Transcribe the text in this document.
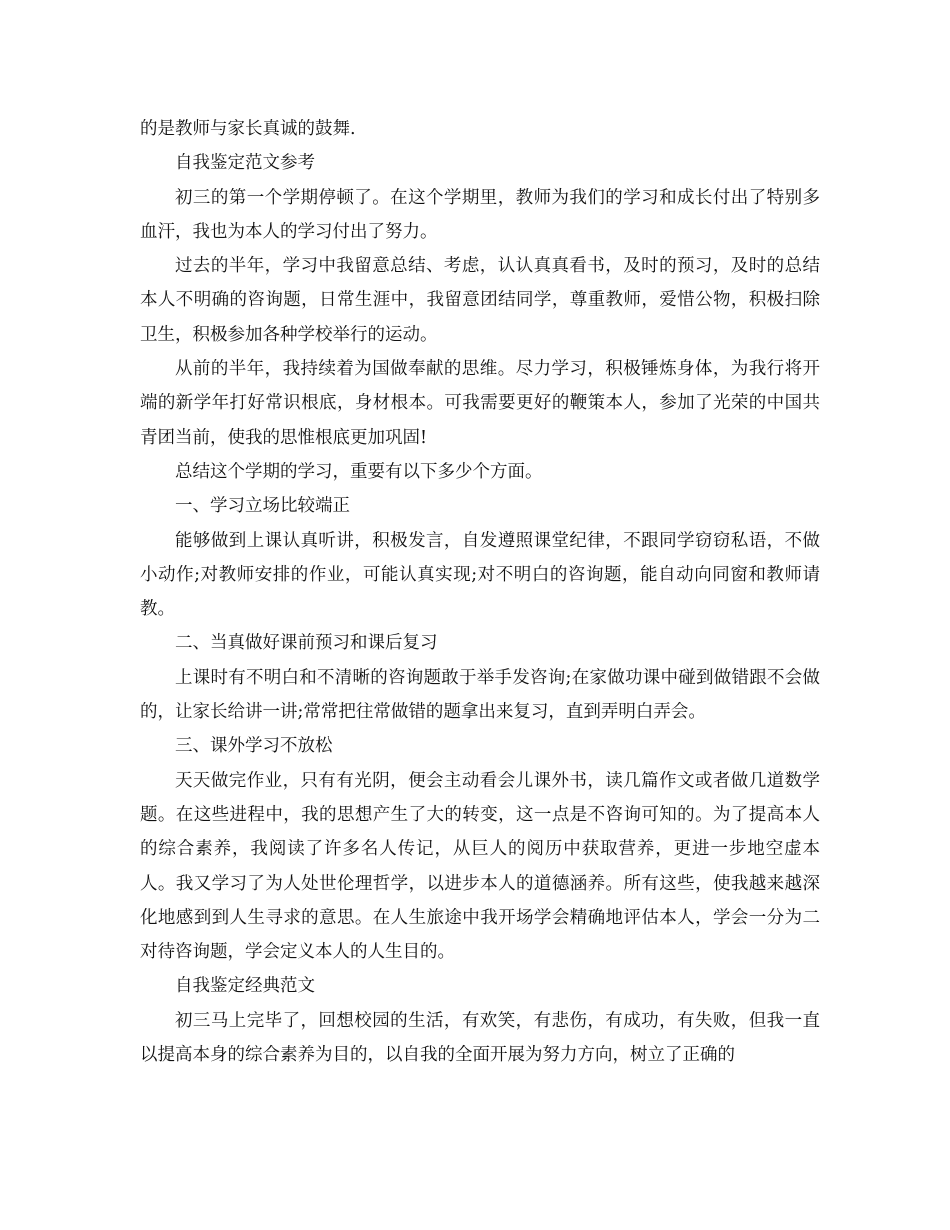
的是教师与家长真诚的鼓舞.

自我鉴定范文参考

初三的第一个学期停顿了。在这个学期里，教师为我们的学习和成长付出了特别多血汗，我也为本人的学习付出了努力。

过去的半年，学习中我留意总结、考虑，认认真真看书，及时的预习，及时的总结本人不明确的咨询题，日常生涯中，我留意团结同学，尊重教师，爱惜公物，积极扫除卫生，积极参加各种学校举行的运动。

从前的半年，我持续着为国做奉献的思维。尽力学习，积极锤炼身体，为我行将开端的新学年打好常识根底，身材根本。可我需要更好的鞭策本人，参加了光荣的中国共青团当前，使我的思惟根底更加巩固!

总结这个学期的学习，重要有以下多少个方面。

一、学习立场比较端正

能够做到上课认真听讲，积极发言，自发遵照课堂纪律，不跟同学窃窃私语，不做小动作;对教师安排的作业，可能认真实现;对不明白的咨询题，能自动向同窗和教师请教。

二、当真做好课前预习和课后复习

上课时有不明白和不清晰的咨询题敢于举手发咨询;在家做功课中碰到做错跟不会做的，让家长给讲一讲;常常把往常做错的题拿出来复习，直到弄明白弄会。

三、课外学习不放松

天天做完作业，只有有光阴，便会主动看会儿课外书，读几篇作文或者做几道数学题。在这些进程中，我的思想产生了大的转变，这一点是不咨询可知的。为了提高本人的综合素养，我阅读了许多名人传记，从巨人的阅历中获取营养，更进一步地空虚本人。我又学习了为人处世伦理哲学，以进步本人的道德涵养。所有这些，使我越来越深化地感到到人生寻求的意思。在人生旅途中我开场学会精确地评估本人，学会一分为二对待咨询题，学会定义本人的人生目的。

自我鉴定经典范文

初三马上完毕了，回想校园的生活，有欢笑，有悲伤，有成功，有失败，但我一直以提高本身的综合素养为目的，以自我的全面开展为努力方向，树立了正确的
